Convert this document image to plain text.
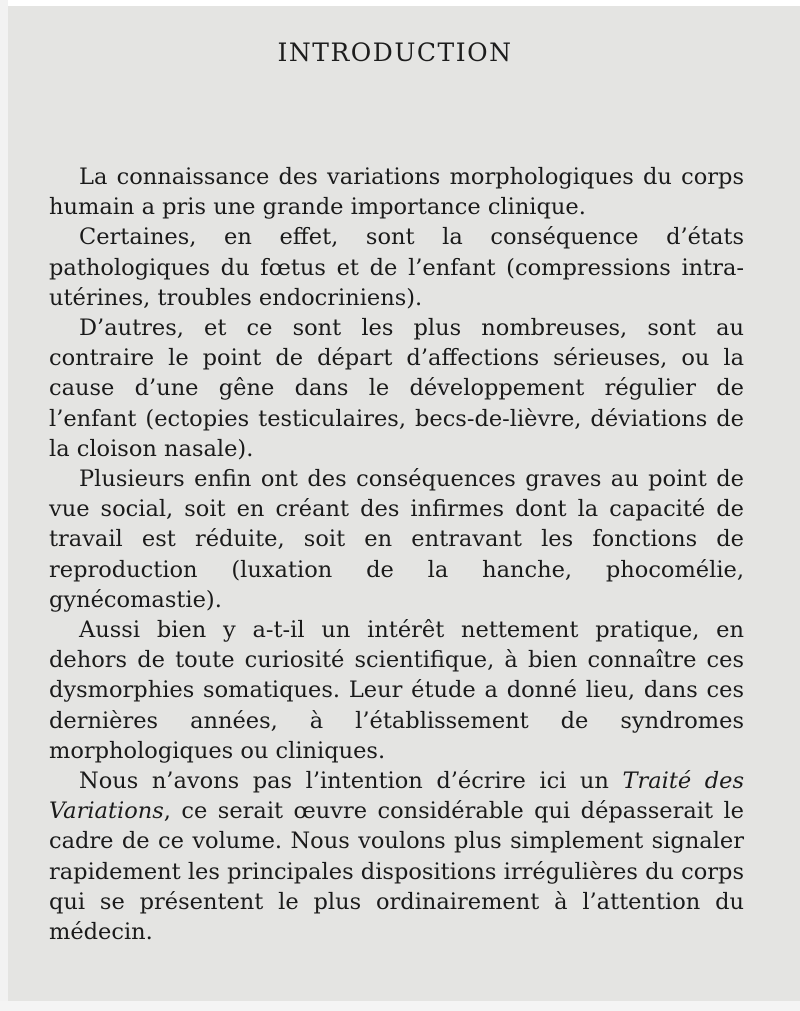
INTRODUCTION

La connaissance des variations morphologiques du corps humain a pris une grande importance clinique.

Certaines, en effet, sont la conséquence d’états pathologiques du fœtus et de l’enfant (compressions intra-utérines, troubles endocriniens).

D’autres, et ce sont les plus nombreuses, sont au contraire le point de départ d’affections sérieuses, ou la cause d’une gêne dans le développement régulier de l’enfant (ectopies testiculaires, becs-de-lièvre, déviations de la cloison nasale).

Plusieurs enfin ont des conséquences graves au point de vue social, soit en créant des infirmes dont la capacité de travail est réduite, soit en entravant les fonctions de reproduction (luxation de la hanche, phocomélie, gynécomastie).

Aussi bien y a-t-il un intérêt nettement pratique, en dehors de toute curiosité scientifique, à bien connaître ces dysmorphies somatiques. Leur étude a donné lieu, dans ces dernières années, à l’établissement de syndromes morphologiques ou cliniques.

Nous n’avons pas l’intention d’écrire ici un Traité des Variations, ce serait œuvre considérable qui dépasserait le cadre de ce volume. Nous voulons plus simplement signaler rapidement les principales dispositions irrégulières du corps qui se présentent le plus ordinairement à l’attention du médecin.
